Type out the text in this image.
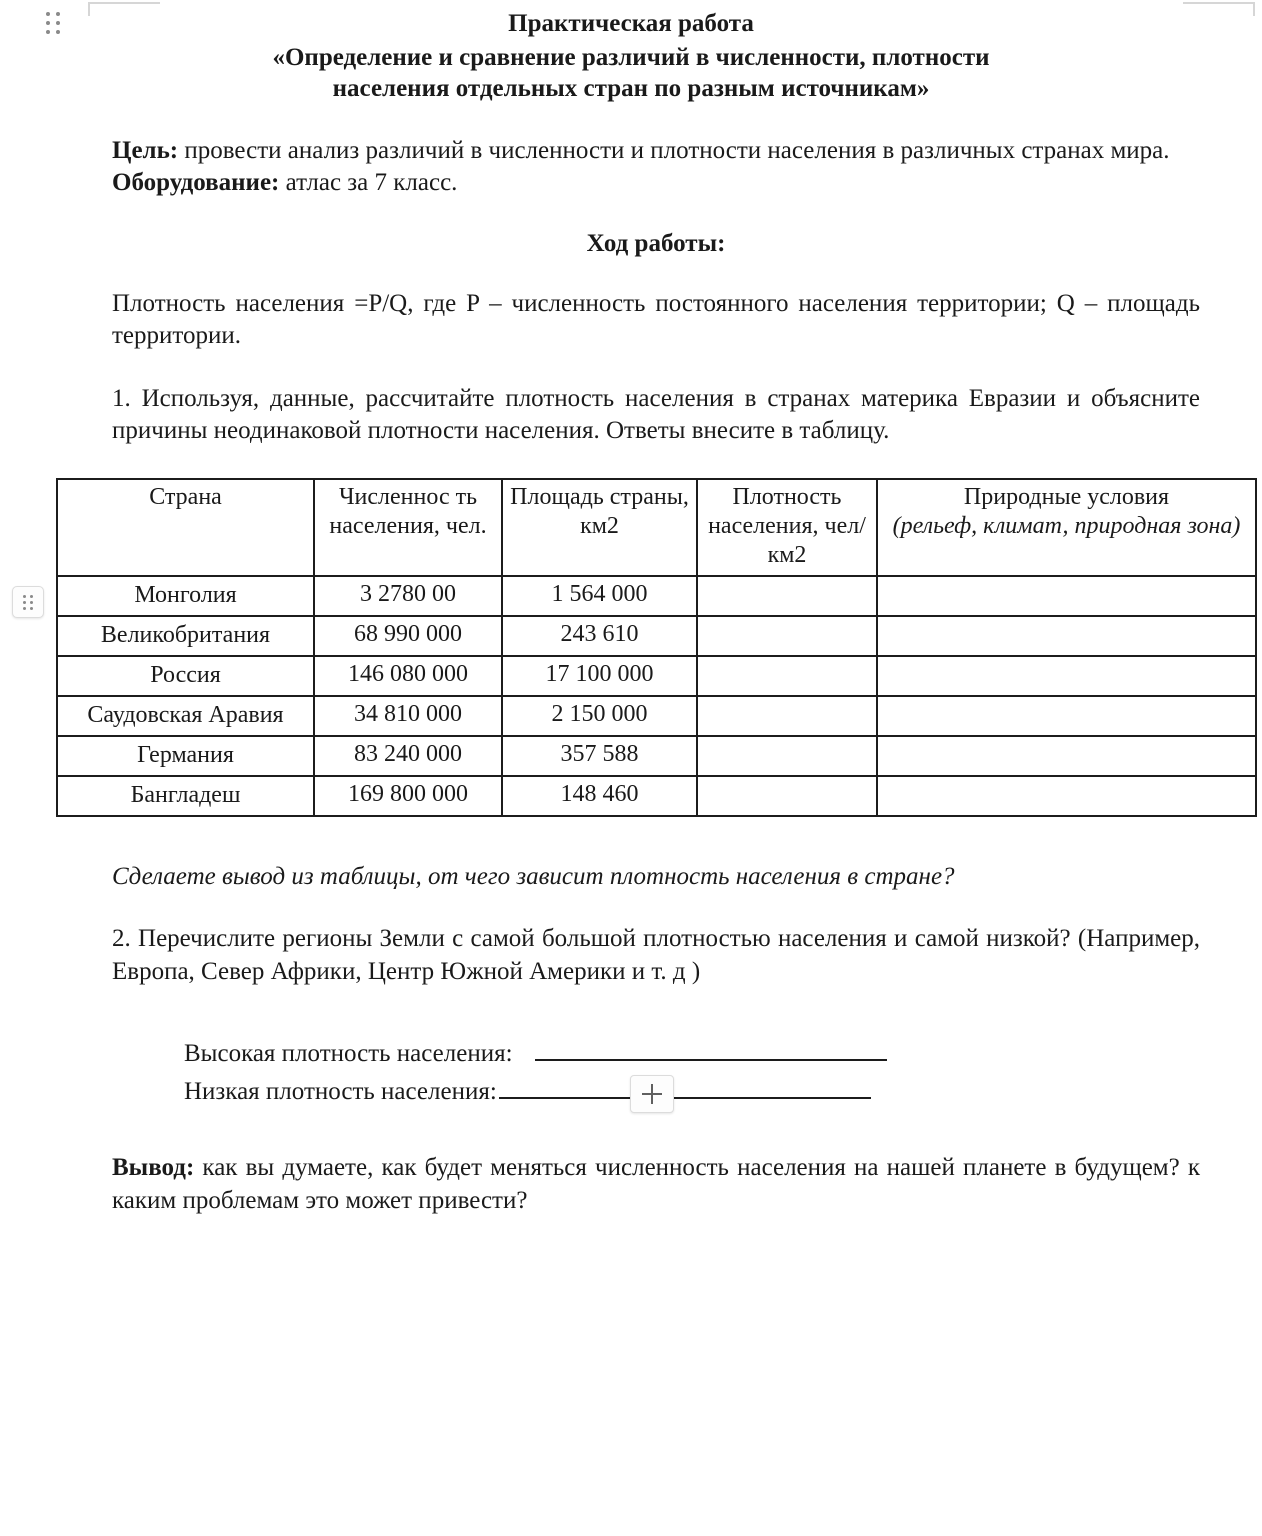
Практическая работа
«Определение и сравнение различий в численности, плотности
населения отдельных стран по разным источникам»

Цель: провести анализ различий в численности и плотности населения в различных странах мира.

Оборудование: атлас за 7 класс.

Ход работы:

Плотность населения =P/Q, где P – численность постоянного населения территории; Q – площадь территории.

1. Используя, данные, рассчитайте плотность населения в странах материка Евразии и объясните причины неодинаковой плотности населения. Ответы внесите в таблицу.

Страна	Численнос ть населения, чел.	Площадь страны, км2	Плотность населения, чел/км2	Природные условия
(рельеф, климат, природная зона)

Монголия	3 2780 00	1 564 000		
Великобритания	68 990 000	243 610		
Россия	146 080 000	17 100 000		
Саудовская Аравия	34 810 000	2 150 000		
Германия	83 240 000	357 588		
Бангладеш	169 800 000	148 460		

Сделаете вывод из таблицы, от чего зависит плотность населения в стране?

2. Перечислите регионы Земли с самой большой плотностью населения и самой низкой? (Например, Европа, Север Африки, Центр Южной Америки и т. д )

Высокая плотность населения:
Низкая плотность населения:

Вывод: как вы думаете, как будет меняться численность населения на нашей планете в будущем? к каким проблемам это может привести?
